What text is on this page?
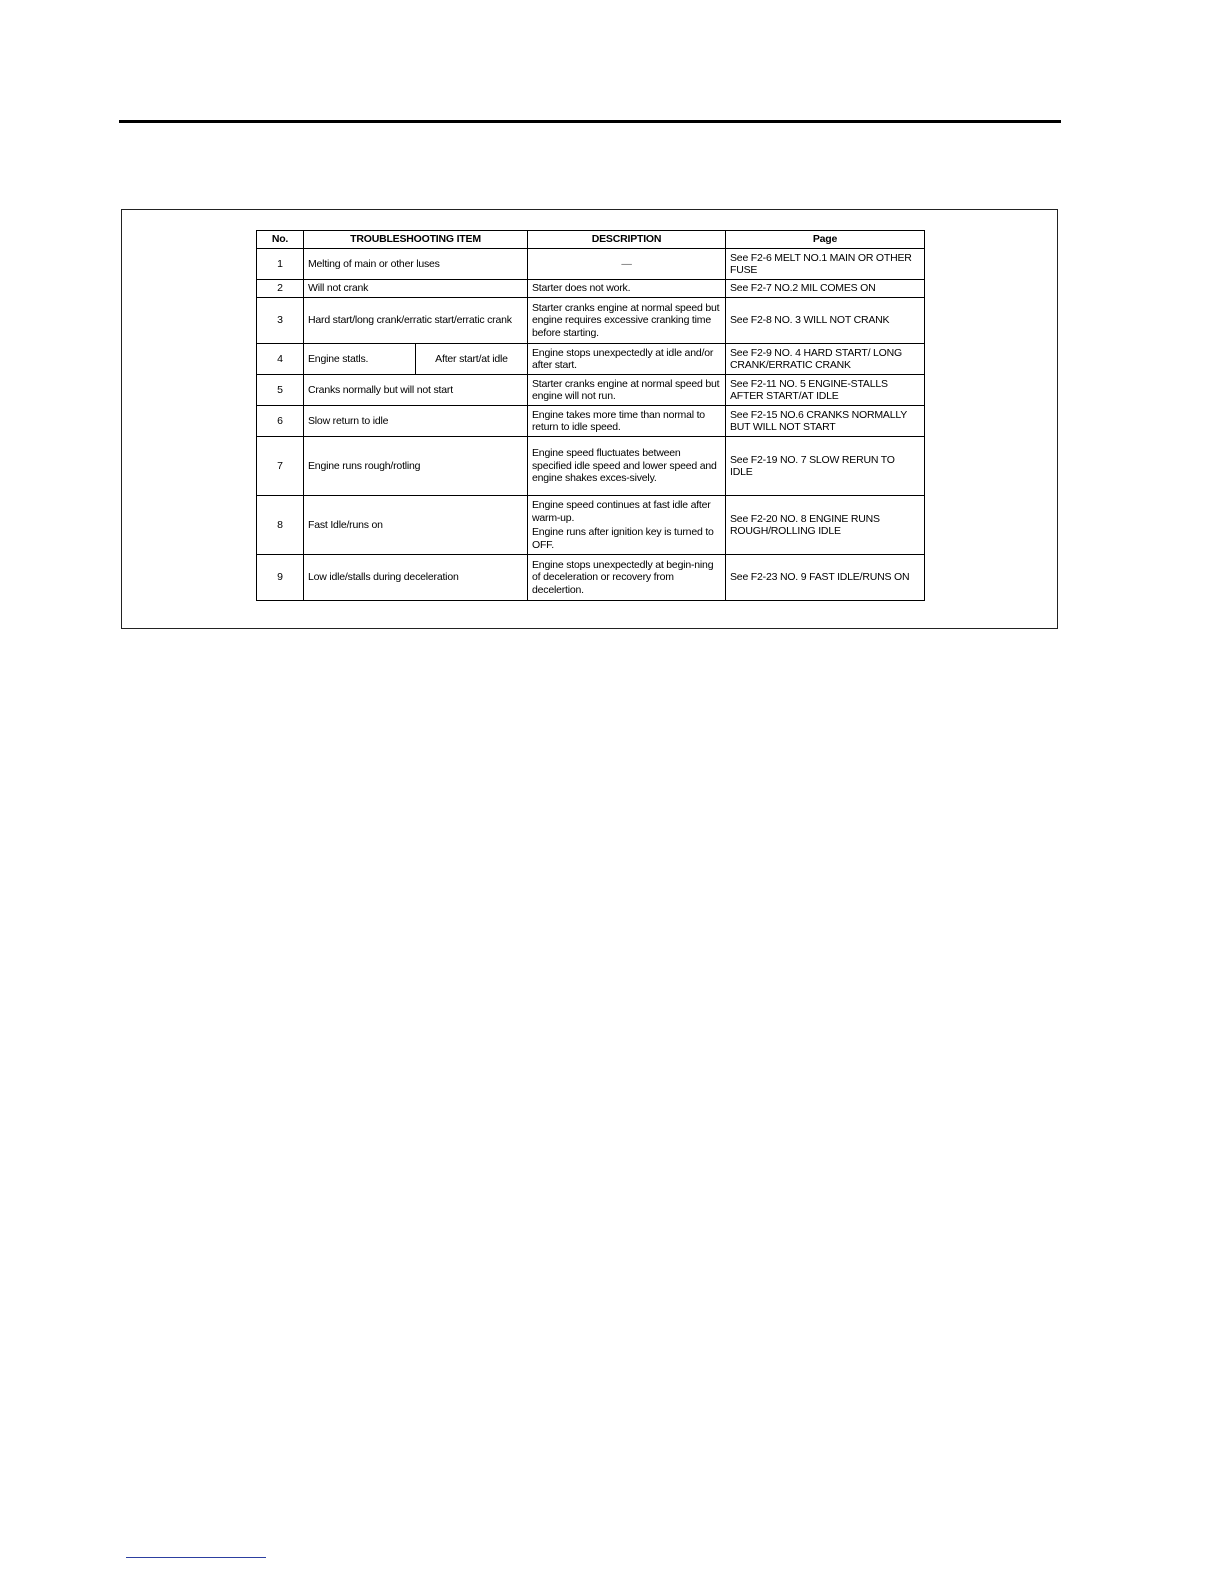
No.	TROUBLESHOOTING ITEM		DESCRIPTION	Page
1	Melting of main or other luses		—	See F2-6 MELT NO.1 MAIN OR OTHER FUSE
2	Will not crank		Starter does not work.	See F2-7 NO.2 MIL COMES ON
3	Hard start/long crank/erratic start/erratic crank		Starter cranks engine at normal speed but engine requires excessive cranking time before starting.	See F2-8 NO. 3 WILL NOT CRANK
4	Engine statls.	After start/at idle	Engine stops unexpectedly at idle and/or after start.	See F2-9 NO. 4 HARD START/ LONG CRANK/ERRATIC CRANK
5	Cranks normally but will not start		Starter cranks engine at normal speed but engine will not run.	See F2-11 NO. 5 ENGINE-STALLS AFTER START/AT IDLE
6	Slow return to idle		Engine takes more time than normal to return to idle speed.	See F2-15 NO.6 CRANKS NORMALLY BUT WILL NOT START
7	Engine runs rough/rotling		Engine speed fluctuates between specified idle speed and lower speed and engine shakes exces-sively.	See F2-19 NO. 7 SLOW RERUN TO IDLE
8	Fast Idle/runs on		Engine speed continues at fast idle after warm-up.
Engine runs after ignition key is turned to OFF.	See F2-20 NO. 8 ENGINE RUNS ROUGH/ROLLING IDLE
9	Low idle/stalls during deceleration		Engine stops unexpectedly at begin-ning of deceleration or recovery from decelertion.	See F2-23 NO. 9 FAST IDLE/RUNS ON
